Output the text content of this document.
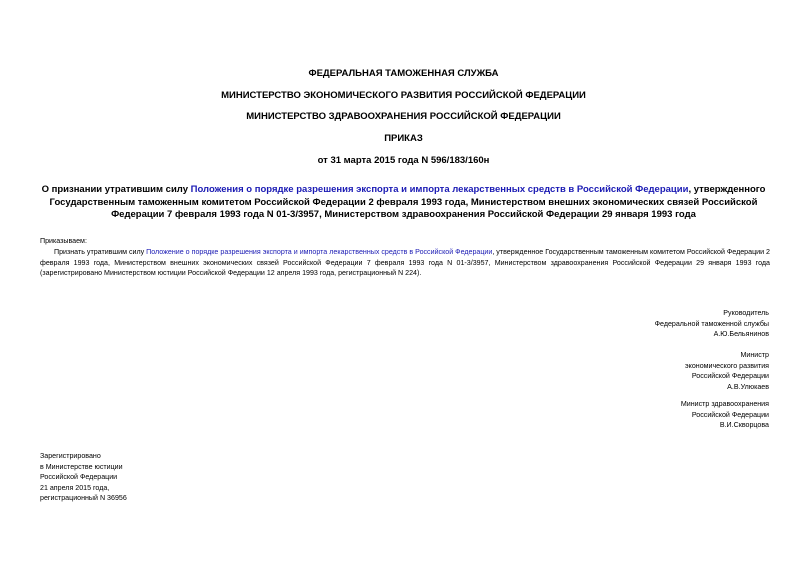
ФЕДЕРАЛЬНАЯ ТАМОЖЕННАЯ СЛУЖБА
МИНИСТЕРСТВО ЭКОНОМИЧЕСКОГО РАЗВИТИЯ РОССИЙСКОЙ ФЕДЕРАЦИИ
МИНИСТЕРСТВО ЗДРАВООХРАНЕНИЯ РОССИЙСКОЙ ФЕДЕРАЦИИ
ПРИКАЗ
от 31 марта 2015 года N 596/183/160н
О признании утратившим силу Положения о порядке разрешения экспорта и импорта лекарственных средств в Российской Федерации, утвержденного Государственным таможенным комитетом Российской Федерации 2 февраля 1993 года, Министерством внешних экономических связей Российской Федерации 7 февраля 1993 года N 01-3/3957, Министерством здравоохранения Российской Федерации 29 января 1993 года
Приказываем:
Признать утратившим силу Положение о порядке разрешения экспорта и импорта лекарственных средств в Российской Федерации, утвержденное Государственным таможенным комитетом Российской Федерации 2 февраля 1993 года, Министерством внешних экономических связей Российской Федерации 7 февраля 1993 года N 01-3/3957, Министерством здравоохранения Российской Федерации 29 января 1993 года (зарегистрировано Министерством юстиции Российской Федерации 12 апреля 1993 года, регистрационный N 224).
Руководитель
Федеральной таможенной службы
А.Ю.Бельянинов
Министр
экономического развития
Российской Федерации
А.В.Улюкаев
Министр здравоохранения
Российской Федерации
В.И.Скворцова
Зарегистрировано
в Министерстве юстиции
Российской Федерации
21 апреля 2015 года,
регистрационный N 36956
